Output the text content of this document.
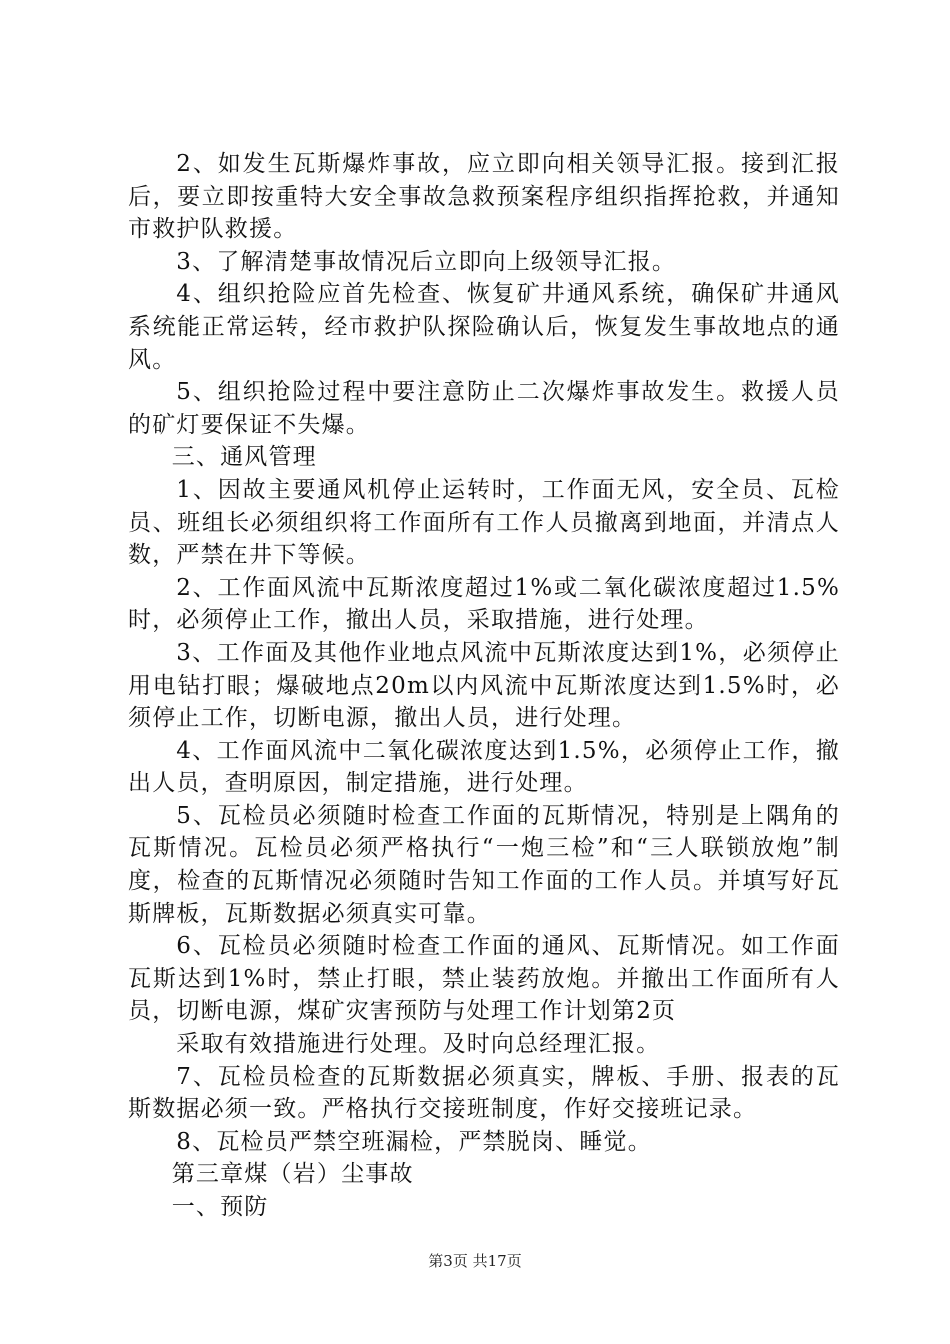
2、如发生瓦斯爆炸事故，应立即向相关领导汇报。接到汇报后，要立即按重特大安全事故急救预案程序组织指挥抢救，并通知市救护队救援。

3、了解清楚事故情况后立即向上级领导汇报。

4、组织抢险应首先检查、恢复矿井通风系统，确保矿井通风系统能正常运转，经市救护队探险确认后，恢复发生事故地点的通风。

5、组织抢险过程中要注意防止二次爆炸事故发生。救援人员的矿灯要保证不失爆。

三、通风管理

1、因故主要通风机停止运转时，工作面无风，安全员、瓦检员、班组长必须组织将工作面所有工作人员撤离到地面，并清点人数，严禁在井下等候。

2、工作面风流中瓦斯浓度超过1%或二氧化碳浓度超过1.5%时，必须停止工作，撤出人员，采取措施，进行处理。

3、工作面及其他作业地点风流中瓦斯浓度达到1%，必须停止用电钻打眼；爆破地点20m以内风流中瓦斯浓度达到1.5%时，必须停止工作，切断电源，撤出人员，进行处理。

4、工作面风流中二氧化碳浓度达到1.5%，必须停止工作，撤出人员，查明原因，制定措施，进行处理。

5、瓦检员必须随时检查工作面的瓦斯情况，特别是上隅角的瓦斯情况。瓦检员必须严格执行“一炮三检”和“三人联锁放炮”制度，检查的瓦斯情况必须随时告知工作面的工作人员。并填写好瓦斯牌板，瓦斯数据必须真实可靠。

6、瓦检员必须随时检查工作面的通风、瓦斯情况。如工作面瓦斯达到1%时，禁止打眼，禁止装药放炮。并撤出工作面所有人员，切断电源，煤矿灾害预防与处理工作计划第2页

采取有效措施进行处理。及时向总经理汇报。

7、瓦检员检查的瓦斯数据必须真实，牌板、手册、报表的瓦斯数据必须一致。严格执行交接班制度，作好交接班记录。

8、瓦检员严禁空班漏检，严禁脱岗、睡觉。

第三章煤（岩）尘事故

一、预防

第3页 共17页
